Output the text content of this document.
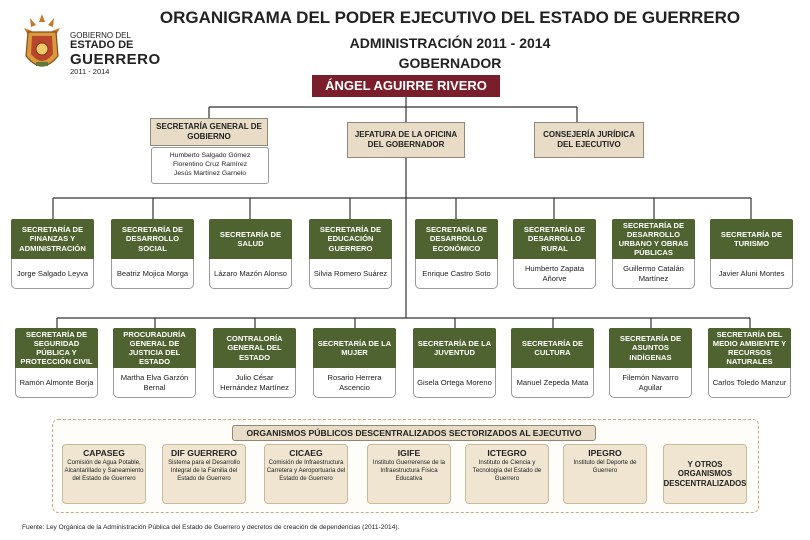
GOBIERNO DEL
ESTADO DE
GUERRERO
2011 - 2014
ORGANIGRAMA DEL PODER EJECUTIVO DEL ESTADO DE GUERRERO
ADMINISTRACIÓN 2011 - 2014
GOBERNADOR
ÁNGEL AGUIRRE RIVERO
SECRETARÍA GENERAL DE GOBIERNO
Humberto Salgado Gómez
Florentino Cruz Ramírez
Jesús Martínez Garnelo
JEFATURA DE LA OFICINA DEL GOBERNADOR
CONSEJERÍA JURÍDICA DEL EJECUTIVO
SECRETARÍA DE FINANZAS Y ADMINISTRACIÓN
Jorge Salgado Leyva
SECRETARÍA DE DESARROLLO SOCIAL
Beatriz Mojica Morga
SECRETARÍA DE SALUD
Lázaro Mazón Alonso
SECRETARÍA DE EDUCACIÓN GUERRERO
Silvia Romero Suárez
SECRETARÍA DE DESARROLLO ECONÓMICO
Enrique Castro Soto
SECRETARÍA DE DESARROLLO RURAL
Humberto Zapata Añorve
SECRETARÍA DE DESARROLLO URBANO Y OBRAS PÚBLICAS
Guillermo Catalán Martínez
SECRETARÍA DE TURISMO
Javier Aluni Montes
SECRETARÍA DE SEGURIDAD PÚBLICA Y PROTECCIÓN CIVIL
Ramón Almonte Borja
PROCURADURÍA GENERAL DE JUSTICIA DEL ESTADO
Martha Elva Garzón Bernal
CONTRALORÍA GENERAL DEL ESTADO
Julio César Hernández Martínez
SECRETARÍA DE LA MUJER
Rosario Herrera Ascencio
SECRETARÍA DE LA JUVENTUD
Gisela Ortega Moreno
SECRETARÍA DE CULTURA
Manuel Zepeda Mata
SECRETARÍA DE ASUNTOS INDÍGENAS
Filemón Navarro Aguilar
SECRETARÍA DEL MEDIO AMBIENTE Y RECURSOS NATURALES
Carlos Toledo Manzur
ORGANISMOS PÚBLICOS DESCENTRALIZADOS SECTORIZADOS AL EJECUTIVO
CAPASEG
Comisión de Agua Potable, Alcantarillado y Saneamiento del Estado de Guerrero
DIF GUERRERO
Sistema para el Desarrollo Integral de la Familia del Estado de Guerrero
CICAEG
Comisión de Infraestructura Carretera y Aeroportuaria del Estado de Guerrero
IGIFE
Instituto Guerrerense de la Infraestructura Física Educativa
ICTEGRO
Instituto de Ciencia y Tecnología del Estado de Guerrero
IPEGRO
Instituto del Deporte de Guerrero
Y OTROS ORGANISMOS DESCENTRALIZADOS
Fuente: Ley Orgánica de la Administración Pública del Estado de Guerrero y decretos de creación de dependencias (2011-2014).
